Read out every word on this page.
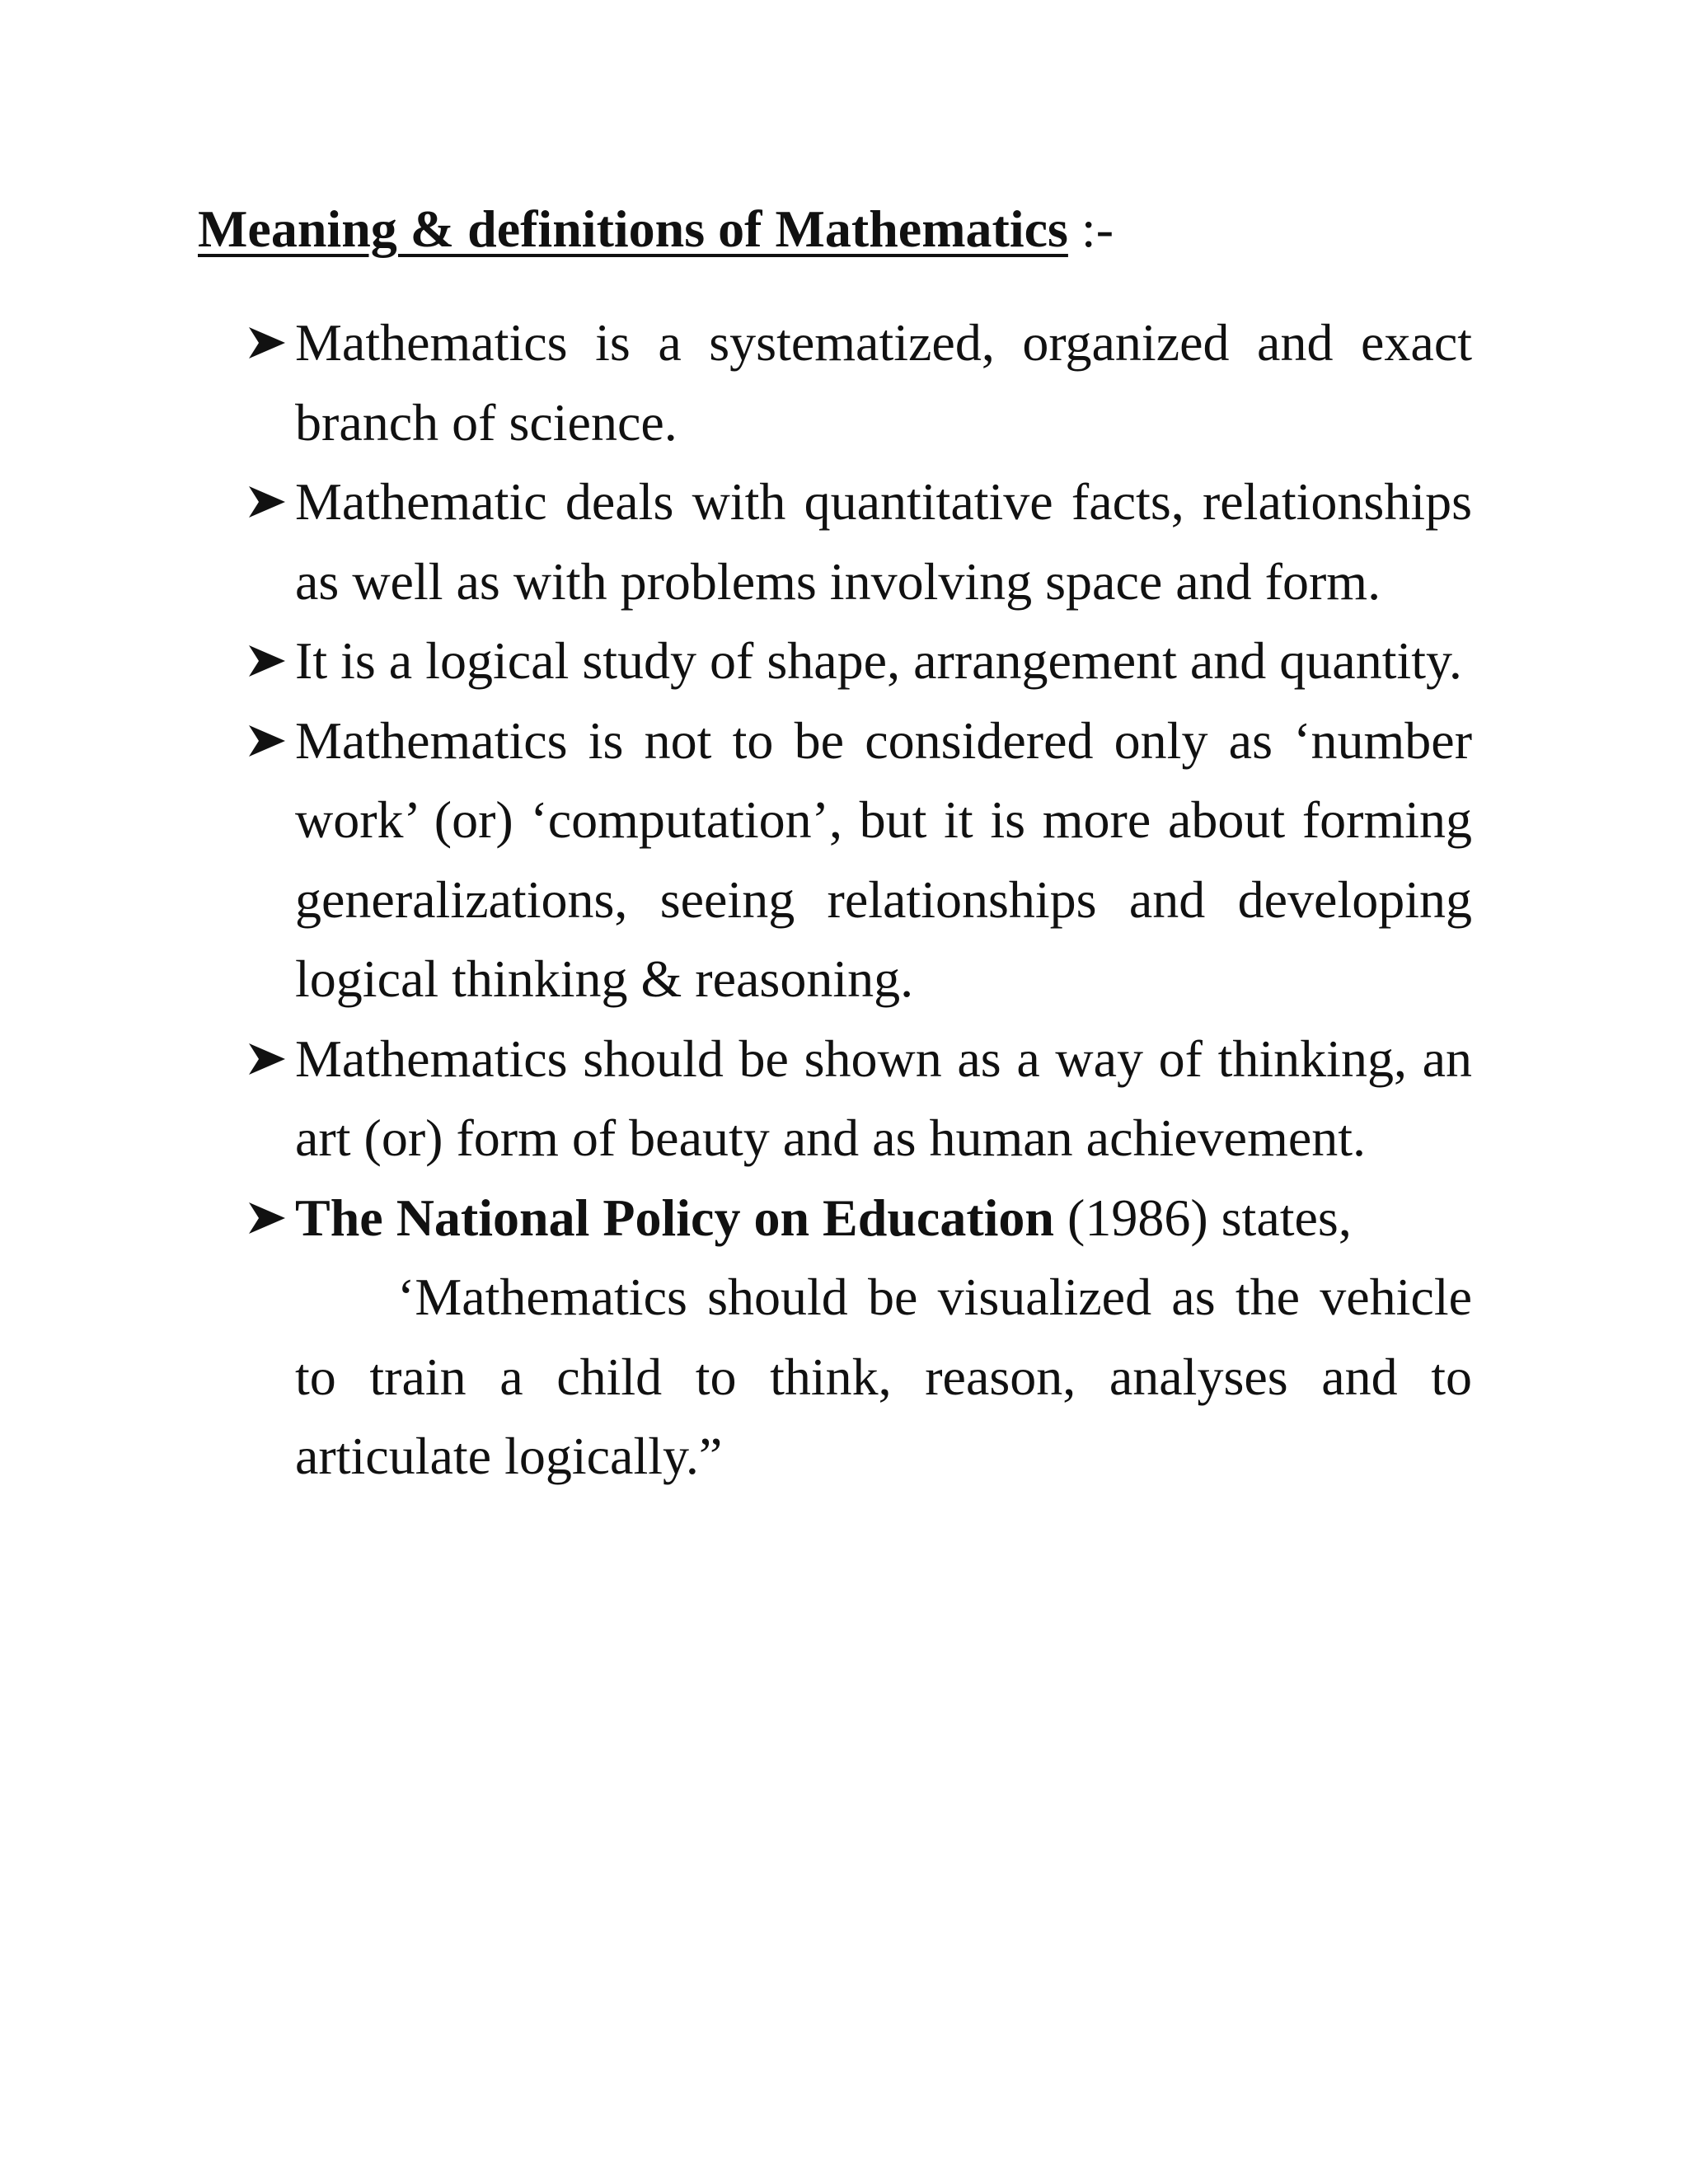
Meaning & definitions of Mathematics :-
Mathematics is a systematized, organized and exact branch of science.
Mathematic deals with quantitative facts, relationships as well as with problems involving space and form.
It is a logical study of shape, arrangement and quantity.
Mathematics is not to be considered only as ‘number work’ (or) ‘computation’, but it is more about forming generalizations, seeing relationships and developing logical thinking & reasoning.
Mathematics should be shown as a way of thinking, an art (or) form of beauty and as human achievement.
The National Policy on Education (1986) states,
‘Mathematics should be visualized as the vehicle to train a child to think, reason, analyses and to articulate logically.”
